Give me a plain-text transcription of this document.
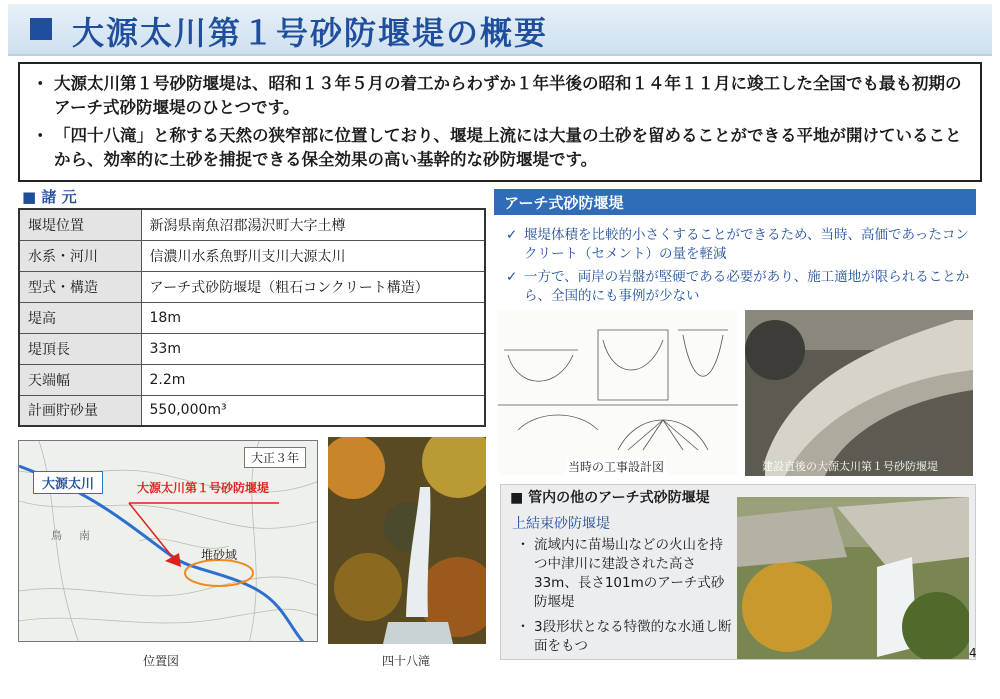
大源太川第１号砂防堰堤の概要
・ 大源太川第１号砂防堰堤は、昭和１３年５月の着工からわずか１年半後の昭和１４年１１月に竣工した全国でも最も初期のアーチ式砂防堰堤のひとつです。
・ 「四十八滝」と称する天然の狭窄部に位置しており、堰堤上流には大量の土砂を留めることができる平地が開けていることから、効率的に土砂を捕捉できる保全効果の高い基幹的な砂防堰堤です。
■ 諸 元
堰堤位置	新潟県南魚沼郡湯沢町大字土樽
水系・河川	信濃川水系魚野川支川大源太川
型式・構造	アーチ式砂防堰堤（粗石コンクリート構造）
堤高	18m
堤頂長	33m
天端幅	2.2m
計画貯砂量	550,000m³
大源太川	大源太川第１号砂防堰堤
大正３年
堆砂域
南
鳥
位置図	四十八滝
アーチ式砂防堰堤
✓ 堰堤体積を比較的小さくすることができるため、当時、高価であったコンクリート（セメント）の量を軽減
✓ 一方で、両岸の岩盤が堅硬である必要があり、施工適地が限られることから、全国的にも事例が少ない
当時の工事設計図	建設直後の大源太川第１号砂防堰堤
■ 管内の他のアーチ式砂防堰堤
上結束砂防堰堤
・ 流域内に苗場山などの火山を持つ中津川に建設された高さ33m、長さ101mのアーチ式砂防堰堤
・ 3段形状となる特徴的な水通し断面をもつ	4
